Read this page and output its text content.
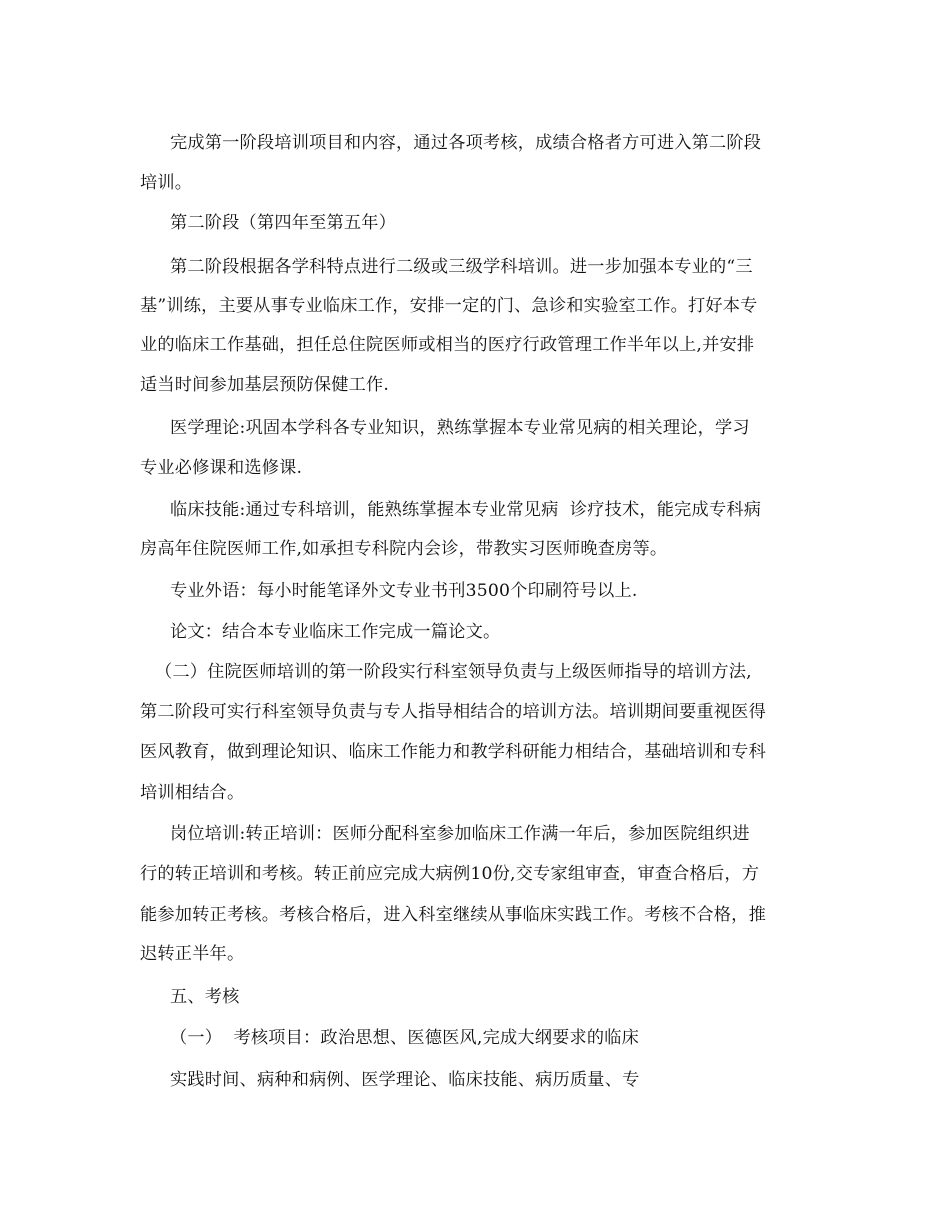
完成第一阶段培训项目和内容，通过各项考核，成绩合格者方可进入第二阶段
培训。
第二阶段（第四年至第五年）
第二阶段根据各学科特点进行二级或三级学科培训。进一步加强本专业的“三
基”训练，主要从事专业临床工作，安排一定的门、急诊和实验室工作。打好本专
业的临床工作基础，担任总住院医师或相当的医疗行政管理工作半年以上,并安排
适当时间参加基层预防保健工作.
医学理论:巩固本学科各专业知识，熟练掌握本专业常见病的相关理论，学习
专业必修课和选修课.
临床技能:通过专科培训，能熟练掌握本专业常见病  诊疗技术，能完成专科病
房高年住院医师工作,如承担专科院内会诊，带教实习医师晚查房等。
专业外语：每小时能笔译外文专业书刊3500个印刷符号以上.
论文：结合本专业临床工作完成一篇论文。
（二）住院医师培训的第一阶段实行科室领导负责与上级医师指导的培训方法,
第二阶段可实行科室领导负责与专人指导相结合的培训方法。培训期间要重视医得
医风教育，做到理论知识、临床工作能力和教学科研能力相结合，基础培训和专科
培训相结合。
岗位培训:转正培训：医师分配科室参加临床工作满一年后，参加医院组织进
行的转正培训和考核。转正前应完成大病例10份,交专家组审查，审查合格后，方
能参加转正考核。考核合格后，进入科室继续从事临床实践工作。考核不合格，推
迟转正半年。
五、考核
（一）  考核项目：政治思想、医德医风,完成大纲要求的临床
实践时间、病种和病例、医学理论、临床技能、病历质量、专
